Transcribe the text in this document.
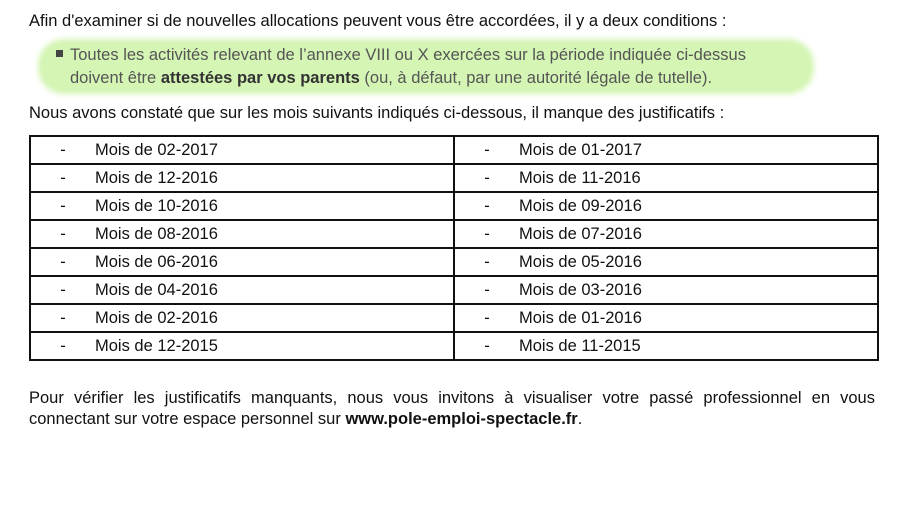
Afin d'examiner si de nouvelles allocations peuvent vous être accordées, il y a deux conditions :
Toutes les activités relevant de l’annexe VIII ou X exercées sur la période indiquée ci-dessus
doivent être attestées par vos parents (ou, à défaut, par une autorité légale de tutelle).
Nous avons constaté que sur les mois suivants indiqués ci-dessous, il manque des justificatifs :
- Mois de 02-2017	- Mois de 01-2017
- Mois de 12-2016	- Mois de 11-2016
- Mois de 10-2016	- Mois de 09-2016
- Mois de 08-2016	- Mois de 07-2016
- Mois de 06-2016	- Mois de 05-2016
- Mois de 04-2016	- Mois de 03-2016
- Mois de 02-2016	- Mois de 01-2016
- Mois de 12-2015	- Mois de 11-2015
Pour vérifier les justificatifs manquants, nous vous invitons à visualiser votre passé professionnel en vous connectant sur votre espace personnel sur www.pole-emploi-spectacle.fr.
